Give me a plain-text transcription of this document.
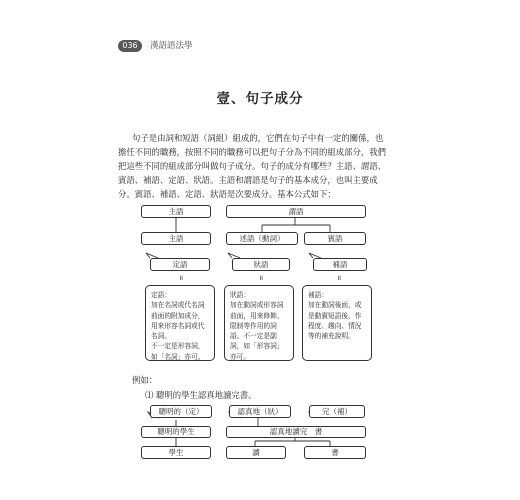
036	漢語語法學
壹、句子成分
句子是由詞和短語（詞組）組成的，它們在句子中有一定的關係，也
擔任不同的職務，按照不同的職務可以把句子分為不同的組成部分，我們
把這些不同的組成部分叫做句子成分。句子的成分有哪些？主語、謂語、
賓語、補語、定語、狀語。主語和謂語是句子的基本成分，也叫主要成
分。賓語、補語、定語、狀語是次要成分。基本公式如下：
主語	謂語
主語	述語（動詞）	賓語
定語	狀語	補語
॥	॥	॥
定語：
加在名詞或代名詞
前面的附加成分，
用來形容名詞或代
名詞。
不一定是形容詞，
如「名詞」亦可。
狀語：
加在動詞或形容詞
前面，用來修飾、
限制等作用的詞
語。不一定是副
詞，如「形容詞」
亦可。
補語：
加在動詞後面，或
是動賓短語後，作
程度、趨向、情況
等的補充說明。
例如：
⑴ 聰明的學生認真地讀完書。
聰明的（定）	認真地（狀）	完（補）
聰明的學生	認真地讀完　書
學生	讀	書
